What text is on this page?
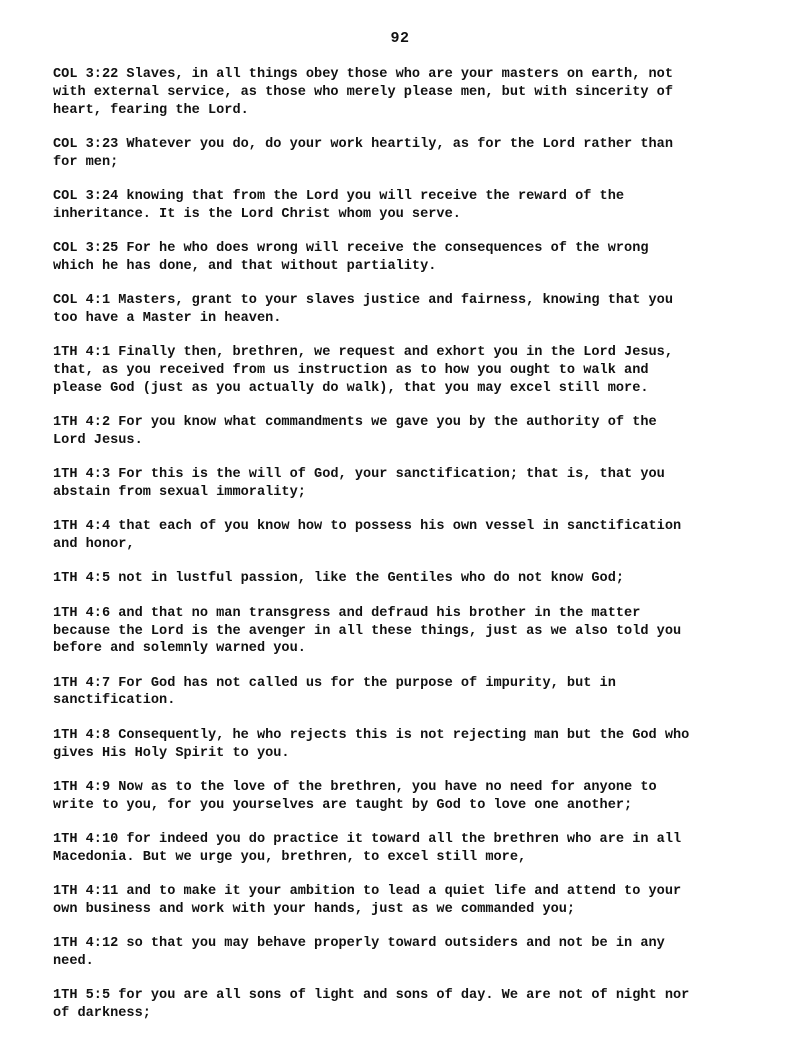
92
COL 3:22 Slaves, in all things obey those who are your masters on earth, not
with external service, as those who merely please men, but with sincerity of
heart, fearing the Lord.
COL 3:23 Whatever you do, do your work heartily, as for the Lord rather than
for men;
COL 3:24 knowing that from the Lord you will receive the reward of the
inheritance. It is the Lord Christ whom you serve.
COL 3:25 For he who does wrong will receive the consequences of the wrong
which he has done, and that without partiality.
COL 4:1 Masters, grant to your slaves justice and fairness, knowing that you
too have a Master in heaven.
1TH 4:1 Finally then, brethren, we request and exhort you in the Lord Jesus,
that, as you received from us instruction as to how you ought to walk and
please God (just as you actually do walk), that you may excel still more.
1TH 4:2 For you know what commandments we gave you by the authority of the
Lord Jesus.
1TH 4:3 For this is the will of God, your sanctification; that is, that you
abstain from sexual immorality;
1TH 4:4 that each of you know how to possess his own vessel in sanctification
and honor,
1TH 4:5 not in lustful passion, like the Gentiles who do not know God;
1TH 4:6 and that no man transgress and defraud his brother in the matter
because the Lord is the avenger in all these things, just as we also told you
before and solemnly warned you.
1TH 4:7 For God has not called us for the purpose of impurity, but in
sanctification.
1TH 4:8 Consequently, he who rejects this is not rejecting man but the God who
gives His Holy Spirit to you.
1TH 4:9 Now as to the love of the brethren, you have no need for anyone to
write to you, for you yourselves are taught by God to love one another;
1TH 4:10 for indeed you do practice it toward all the brethren who are in all
Macedonia. But we urge you, brethren, to excel still more,
1TH 4:11 and to make it your ambition to lead a quiet life and attend to your
own business and work with your hands, just as we commanded you;
1TH 4:12 so that you may behave properly toward outsiders and not be in any
need.
1TH 5:5 for you are all sons of light and sons of day. We are not of night nor
of darkness;
